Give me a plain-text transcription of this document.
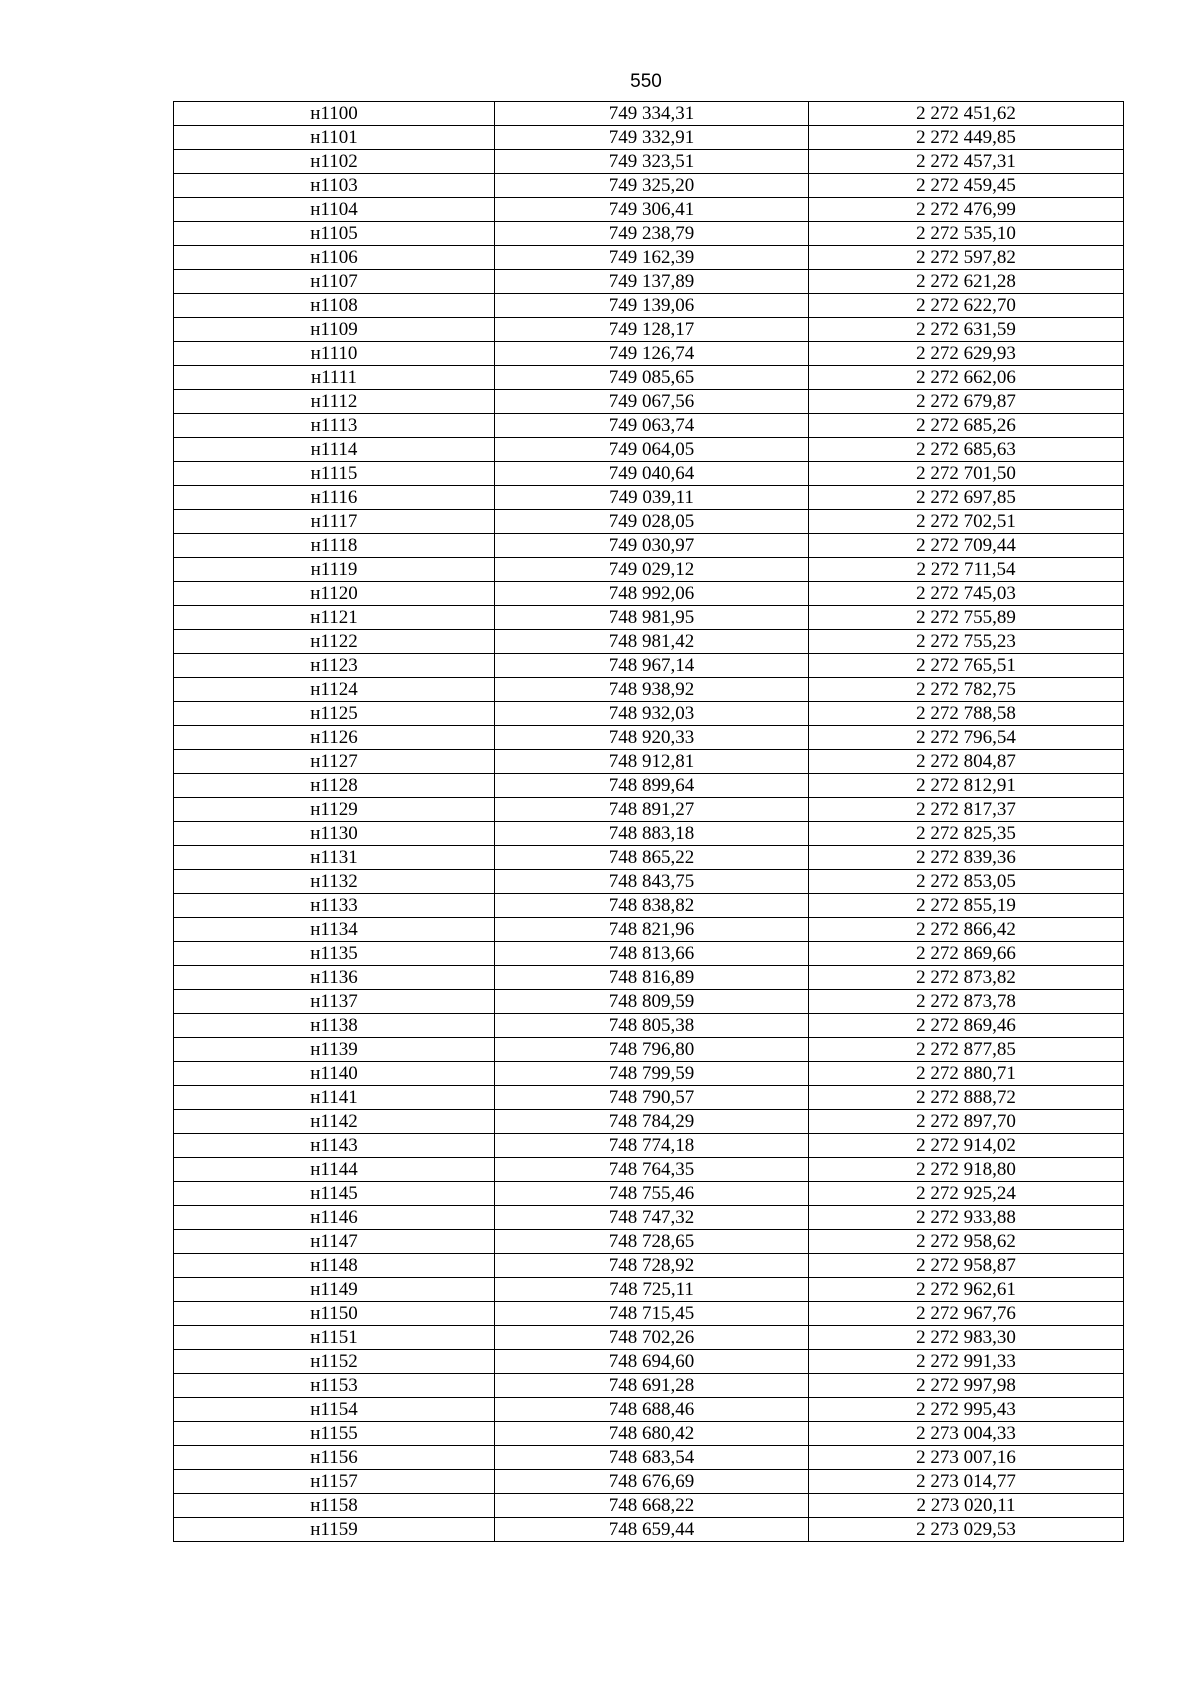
550
н1100	749 334,31	2 272 451,62
н1101	749 332,91	2 272 449,85
н1102	749 323,51	2 272 457,31
н1103	749 325,20	2 272 459,45
н1104	749 306,41	2 272 476,99
н1105	749 238,79	2 272 535,10
н1106	749 162,39	2 272 597,82
н1107	749 137,89	2 272 621,28
н1108	749 139,06	2 272 622,70
н1109	749 128,17	2 272 631,59
н1110	749 126,74	2 272 629,93
н1111	749 085,65	2 272 662,06
н1112	749 067,56	2 272 679,87
н1113	749 063,74	2 272 685,26
н1114	749 064,05	2 272 685,63
н1115	749 040,64	2 272 701,50
н1116	749 039,11	2 272 697,85
н1117	749 028,05	2 272 702,51
н1118	749 030,97	2 272 709,44
н1119	749 029,12	2 272 711,54
н1120	748 992,06	2 272 745,03
н1121	748 981,95	2 272 755,89
н1122	748 981,42	2 272 755,23
н1123	748 967,14	2 272 765,51
н1124	748 938,92	2 272 782,75
н1125	748 932,03	2 272 788,58
н1126	748 920,33	2 272 796,54
н1127	748 912,81	2 272 804,87
н1128	748 899,64	2 272 812,91
н1129	748 891,27	2 272 817,37
н1130	748 883,18	2 272 825,35
н1131	748 865,22	2 272 839,36
н1132	748 843,75	2 272 853,05
н1133	748 838,82	2 272 855,19
н1134	748 821,96	2 272 866,42
н1135	748 813,66	2 272 869,66
н1136	748 816,89	2 272 873,82
н1137	748 809,59	2 272 873,78
н1138	748 805,38	2 272 869,46
н1139	748 796,80	2 272 877,85
н1140	748 799,59	2 272 880,71
н1141	748 790,57	2 272 888,72
н1142	748 784,29	2 272 897,70
н1143	748 774,18	2 272 914,02
н1144	748 764,35	2 272 918,80
н1145	748 755,46	2 272 925,24
н1146	748 747,32	2 272 933,88
н1147	748 728,65	2 272 958,62
н1148	748 728,92	2 272 958,87
н1149	748 725,11	2 272 962,61
н1150	748 715,45	2 272 967,76
н1151	748 702,26	2 272 983,30
н1152	748 694,60	2 272 991,33
н1153	748 691,28	2 272 997,98
н1154	748 688,46	2 272 995,43
н1155	748 680,42	2 273 004,33
н1156	748 683,54	2 273 007,16
н1157	748 676,69	2 273 014,77
н1158	748 668,22	2 273 020,11
н1159	748 659,44	2 273 029,53
